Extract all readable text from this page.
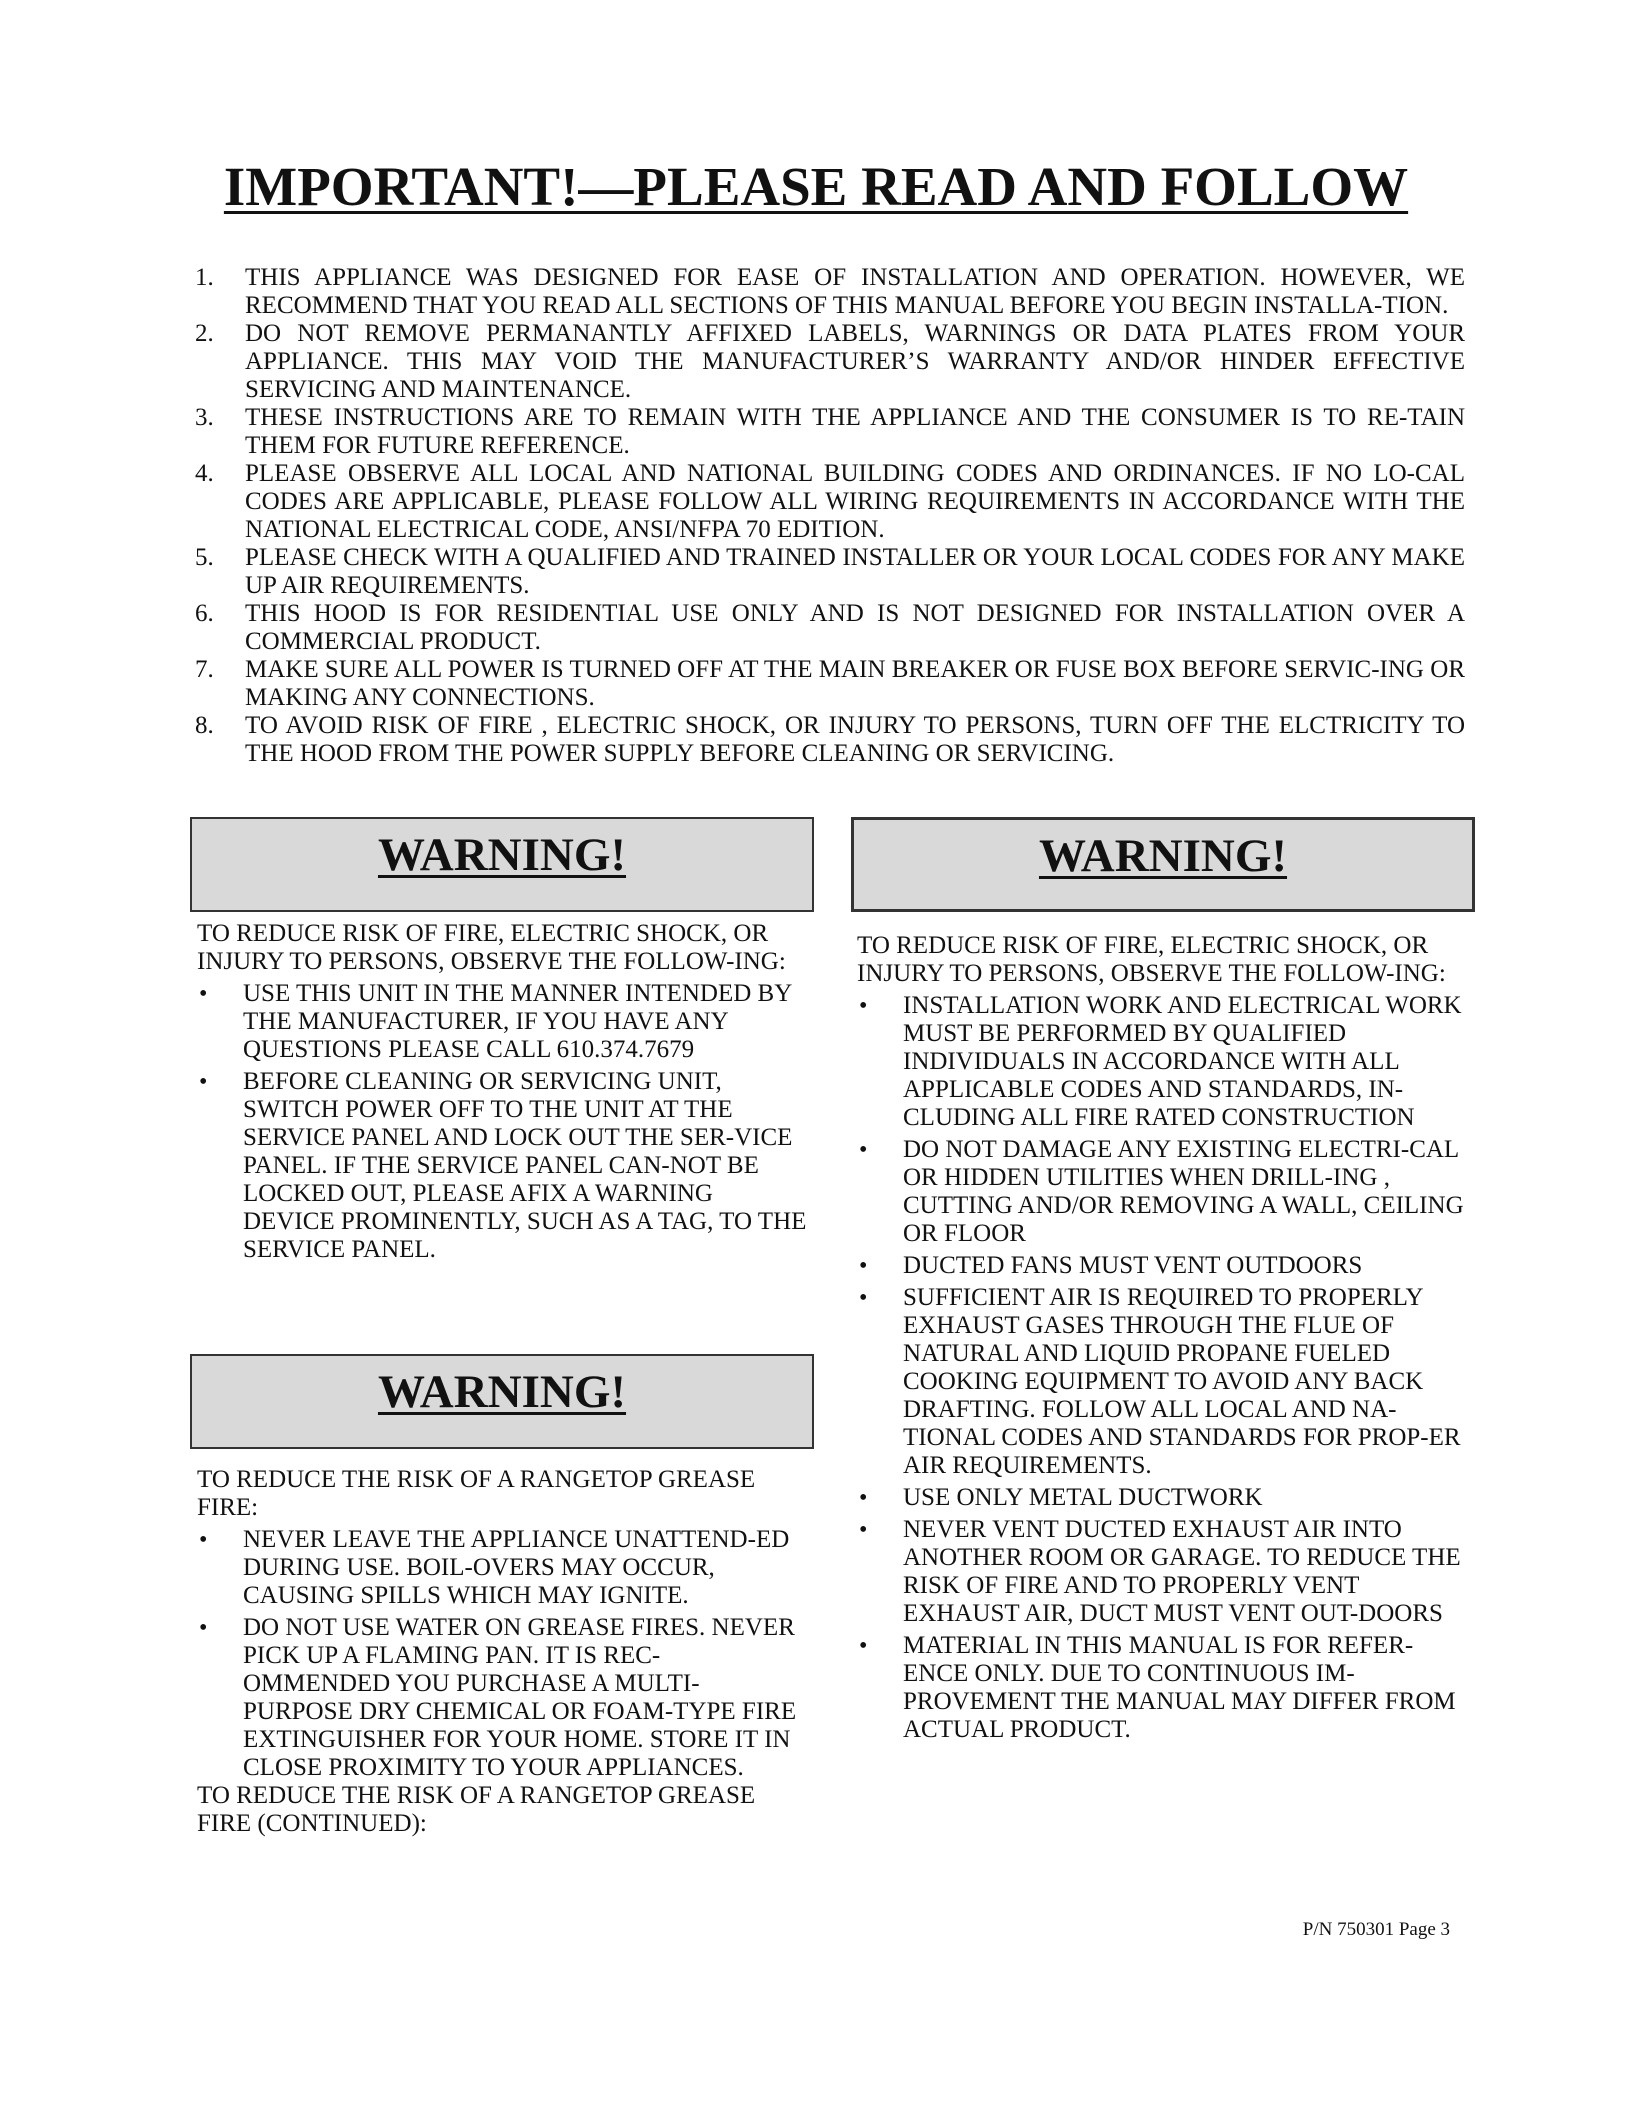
IMPORTANT!—PLEASE READ AND FOLLOW
1. THIS APPLIANCE WAS DESIGNED FOR EASE OF INSTALLATION AND OPERATION. HOWEVER, WE RECOMMEND THAT YOU READ ALL SECTIONS OF THIS MANUAL BEFORE YOU BEGIN INSTALLA-TION.
2. DO NOT REMOVE PERMANANTLY AFFIXED LABELS, WARNINGS OR DATA PLATES FROM YOUR APPLIANCE. THIS MAY VOID THE MANUFACTURER’S WARRANTY AND/OR HINDER EFFECTIVE SERVICING AND MAINTENANCE.
3. THESE INSTRUCTIONS ARE TO REMAIN WITH THE APPLIANCE AND THE CONSUMER IS TO RE-TAIN THEM FOR FUTURE REFERENCE.
4. PLEASE OBSERVE ALL LOCAL AND NATIONAL BUILDING CODES AND ORDINANCES. IF NO LO-CAL CODES ARE APPLICABLE, PLEASE FOLLOW ALL WIRING REQUIREMENTS IN ACCORDANCE WITH THE NATIONAL ELECTRICAL CODE, ANSI/NFPA 70 EDITION.
5. PLEASE CHECK WITH A QUALIFIED AND TRAINED INSTALLER OR YOUR LOCAL CODES FOR ANY MAKE UP AIR REQUIREMENTS.
6. THIS HOOD IS FOR RESIDENTIAL USE ONLY AND IS NOT DESIGNED FOR INSTALLATION OVER A COMMERCIAL PRODUCT.
7. MAKE SURE ALL POWER IS TURNED OFF AT THE MAIN BREAKER OR FUSE BOX BEFORE SERVIC-ING OR MAKING ANY CONNECTIONS.
8. TO AVOID RISK OF FIRE , ELECTRIC SHOCK, OR INJURY TO PERSONS, TURN OFF THE ELCTRICITY TO THE HOOD FROM THE POWER SUPPLY BEFORE CLEANING OR SERVICING.
WARNING!

TO REDUCE RISK OF FIRE, ELECTRIC SHOCK, OR INJURY TO PERSONS, OBSERVE THE FOLLOW-ING:

• USE THIS UNIT IN THE MANNER INTENDED BY THE MANUFACTURER, IF YOU HAVE ANY QUESTIONS PLEASE CALL 610.374.7679
• BEFORE CLEANING OR SERVICING UNIT, SWITCH POWER OFF TO THE UNIT AT THE SERVICE PANEL AND LOCK OUT THE SER-VICE PANEL. IF THE SERVICE PANEL CAN-NOT BE LOCKED OUT, PLEASE AFIX A WARNING DEVICE PROMINENTLY, SUCH AS A TAG, TO THE SERVICE PANEL.
WARNING!

TO REDUCE RISK OF FIRE, ELECTRIC SHOCK, OR INJURY TO PERSONS, OBSERVE THE FOLLOW-ING:

• INSTALLATION WORK AND ELECTRICAL WORK MUST BE PERFORMED BY QUALIFIED INDIVIDUALS IN ACCORDANCE WITH ALL APPLICABLE CODES AND STANDARDS, IN-CLUDING ALL FIRE RATED CONSTRUCTION
• DO NOT DAMAGE ANY EXISTING ELECTRI-CAL OR HIDDEN UTILITIES WHEN DRILL-ING , CUTTING AND/OR REMOVING A WALL, CEILING OR FLOOR
• DUCTED FANS MUST VENT OUTDOORS
• SUFFICIENT AIR IS REQUIRED TO PROPERLY EXHAUST GASES THROUGH THE FLUE OF NATURAL AND LIQUID PROPANE FUELED COOKING EQUIPMENT TO AVOID ANY BACK DRAFTING. FOLLOW ALL LOCAL AND NA-TIONAL CODES AND STANDARDS FOR PROP-ER AIR REQUIREMENTS.
• USE ONLY METAL DUCTWORK
• NEVER VENT DUCTED EXHAUST AIR INTO ANOTHER ROOM OR GARAGE. TO REDUCE THE RISK OF FIRE AND TO PROPERLY VENT EXHAUST AIR, DUCT MUST VENT OUT-DOORS
• MATERIAL IN THIS MANUAL IS FOR REFER-ENCE ONLY. DUE TO CONTINUOUS IM-PROVEMENT THE MANUAL MAY DIFFER FROM ACTUAL PRODUCT.
WARNING!

TO REDUCE THE RISK OF A RANGETOP GREASE FIRE:

• NEVER LEAVE THE APPLIANCE UNATTEND-ED DURING USE. BOIL-OVERS MAY OCCUR, CAUSING SPILLS WHICH MAY IGNITE.
• DO NOT USE WATER ON GREASE FIRES. NEVER PICK UP A FLAMING PAN. IT IS REC-OMMENDED YOU PURCHASE A MULTI-PURPOSE DRY CHEMICAL OR FOAM-TYPE FIRE EXTINGUISHER FOR YOUR HOME. STORE IT IN CLOSE PROXIMITY TO YOUR APPLIANCES.

TO REDUCE THE RISK OF A RANGETOP GREASE FIRE (CONTINUED):

P/N 750301 Page 3
